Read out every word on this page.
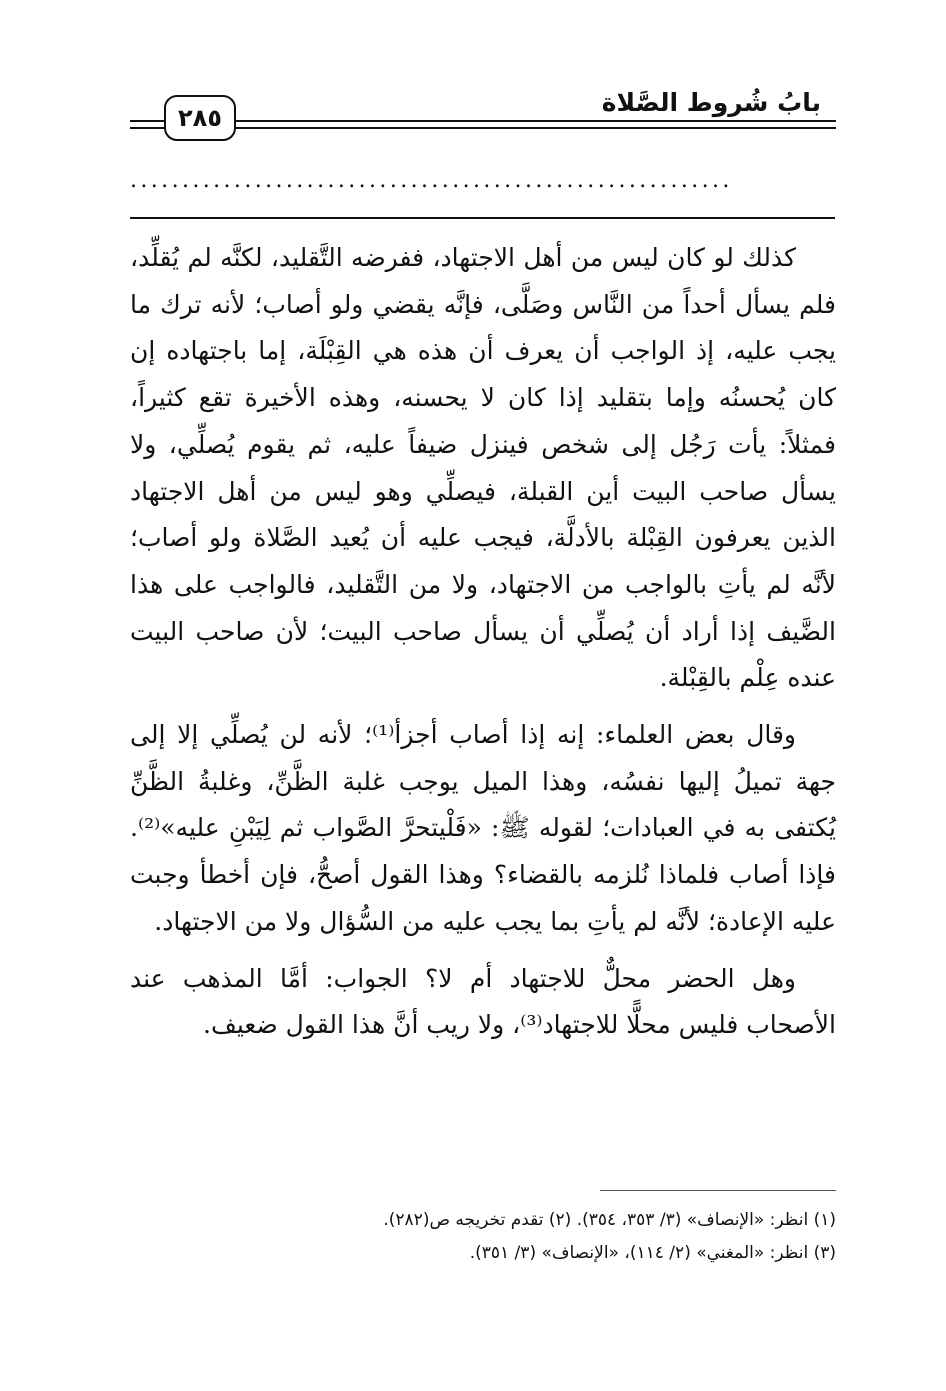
بابُ شُروط الصَّلاة
٢٨٥
..........................................................

كذلك لو كان ليس من أهل الاجتهاد، ففرضه التَّقليد، لكنَّه لم يُقلِّد، فلم يسأل أحداً من النَّاس وصَلَّى، فإنَّه يقضي ولو أصاب؛ لأنه ترك ما يجب عليه، إذ الواجب أن يعرف أن هذه هي القِبْلَة، إما باجتهاده إن كان يُحسنُه وإما بتقليد إذا كان لا يحسنه، وهذه الأخيرة تقع كثيراً، فمثلاً: يأت رَجُل إلى شخص فينزل ضيفاً عليه، ثم يقوم يُصلِّي، ولا يسأل صاحب البيت أين القبلة، فيصلِّي وهو ليس من أهل الاجتهاد الذين يعرفون القِبْلة بالأدلَّة، فيجب عليه أن يُعيد الصَّلاة ولو أصاب؛ لأنَّه لم يأتِ بالواجب من الاجتهاد، ولا من التَّقليد، فالواجب على هذا الضَّيف إذا أراد أن يُصلِّي أن يسأل صاحب البيت؛ لأن صاحب البيت عنده عِلْم بالقِبْلة.

وقال بعض العلماء: إنه إذا أصاب أجزأ⁽¹⁾؛ لأنه لن يُصلِّي إلا إلى جهة تميلُ إليها نفسُه، وهذا الميل يوجب غلبة الظَّنِّ، وغلبةُ الظَّنِّ يُكتفى به في العبادات؛ لقوله ﷺ: «فَلْيتحرَّ الصَّواب ثم لِيَبْنِ عليه»⁽²⁾. فإذا أصاب فلماذا نُلزمه بالقضاء؟ وهذا القول أصحُّ، فإن أخطأ وجبت عليه الإعادة؛ لأنَّه لم يأتِ بما يجب عليه من السُّؤال ولا من الاجتهاد.

وهل الحضر محلٌّ للاجتهاد أم لا؟ الجواب: أمَّا المذهب عند الأصحاب فليس محلًّا للاجتهاد⁽³⁾، ولا ريب أنَّ هذا القول ضعيف.

(١) انظر: «الإنصاف» (٣/ ٣٥٣، ٣٥٤). (٢) تقدم تخريجه ص(٢٨٢).
(٣) انظر: «المغني» (٢/ ١١٤)، «الإنصاف» (٣/ ٣٥١).
